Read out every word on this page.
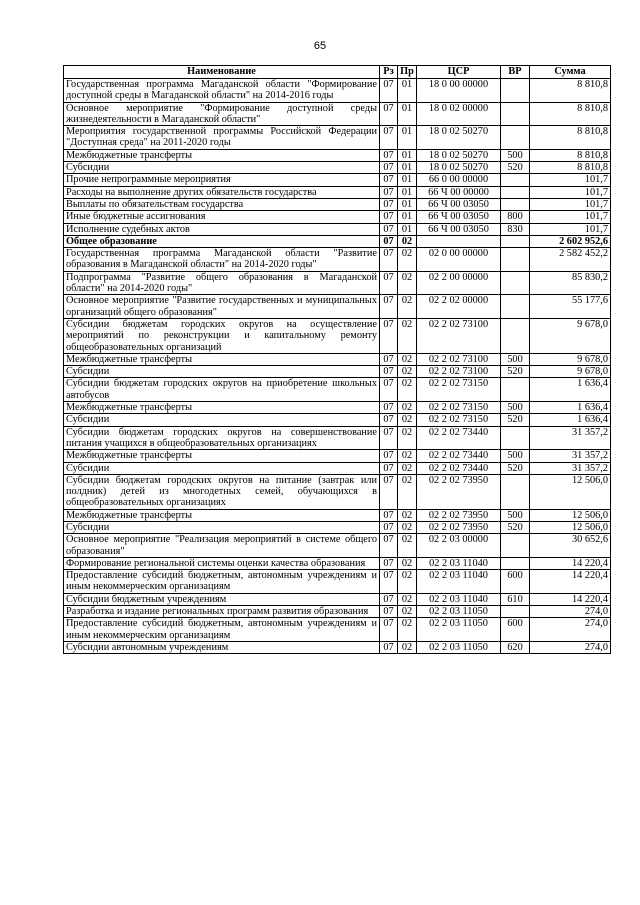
65
Наименование	Рз	Пр	ЦСР	ВР	Сумма
Государственная программа Магаданской области "Формирование доступной среды в Магаданской области" на 2014-2016 годы	07	01	18 0 00 00000		8 810,8
Основное мероприятие "Формирование доступной среды жизнедеятельности в Магаданской области"	07	01	18 0 02 00000		8 810,8
Мероприятия государственной программы Российской Федерации "Доступная среда" на 2011-2020 годы	07	01	18 0 02 50270		8 810,8
Межбюджетные трансферты	07	01	18 0 02 50270	500	8 810,8
Субсидии	07	01	18 0 02 50270	520	8 810,8
Прочие непрограммные мероприятия	07	01	66 0 00 00000		101,7
Расходы на выполнение других обязательств государства	07	01	66 Ч 00 00000		101,7
Выплаты по обязательствам государства	07	01	66 Ч 00 03050		101,7
Иные бюджетные ассигнования	07	01	66 Ч 00 03050	800	101,7
Исполнение судебных актов	07	01	66 Ч 00 03050	830	101,7
Общее образование	07	02			2 602 952,6
Государственная программа Магаданской области "Развитие образования в Магаданской области" на 2014-2020 годы"	07	02	02 0 00 00000		2 582 452,2
Подпрограмма "Развитие общего образования в Магаданской области" на 2014-2020 годы"	07	02	02 2 00 00000		85 830,2
Основное мероприятие "Развитие государственных и муниципальных организаций общего образования"	07	02	02 2 02 00000		55 177,6
Субсидии бюджетам городских округов на осуществление мероприятий по реконструкции и капитальному ремонту общеобразовательных организаций	07	02	02 2 02 73100		9 678,0
Межбюджетные трансферты	07	02	02 2 02 73100	500	9 678,0
Субсидии	07	02	02 2 02 73100	520	9 678,0
Субсидии бюджетам городских округов на приобретение школьных автобусов	07	02	02 2 02 73150		1 636,4
Межбюджетные трансферты	07	02	02 2 02 73150	500	1 636,4
Субсидии	07	02	02 2 02 73150	520	1 636,4
Субсидии бюджетам городских округов на совершенствование питания учащихся в общеобразовательных организациях	07	02	02 2 02 73440		31 357,2
Межбюджетные трансферты	07	02	02 2 02 73440	500	31 357,2
Субсидии	07	02	02 2 02 73440	520	31 357,2
Субсидии бюджетам городских округов на питание (завтрак или полдник) детей из многодетных семей, обучающихся в общеобразовательных организациях	07	02	02 2 02 73950		12 506,0
Межбюджетные трансферты	07	02	02 2 02 73950	500	12 506,0
Субсидии	07	02	02 2 02 73950	520	12 506,0
Основное мероприятие "Реализация мероприятий в системе общего образования"	07	02	02 2 03 00000		30 652,6
Формирование региональной системы оценки качества образования	07	02	02 2 03 11040		14 220,4
Предоставление субсидий бюджетным, автономным учреждениям и иным некоммерческим организациям	07	02	02 2 03 11040	600	14 220,4
Субсидии бюджетным учреждениям	07	02	02 2 03 11040	610	14 220,4
Разработка и издание региональных программ развития образования	07	02	02 2 03 11050		274,0
Предоставление субсидий бюджетным, автономным учреждениям и иным некоммерческим организациям	07	02	02 2 03 11050	600	274,0
Субсидии автономным учреждениям	07	02	02 2 03 11050	620	274,0
